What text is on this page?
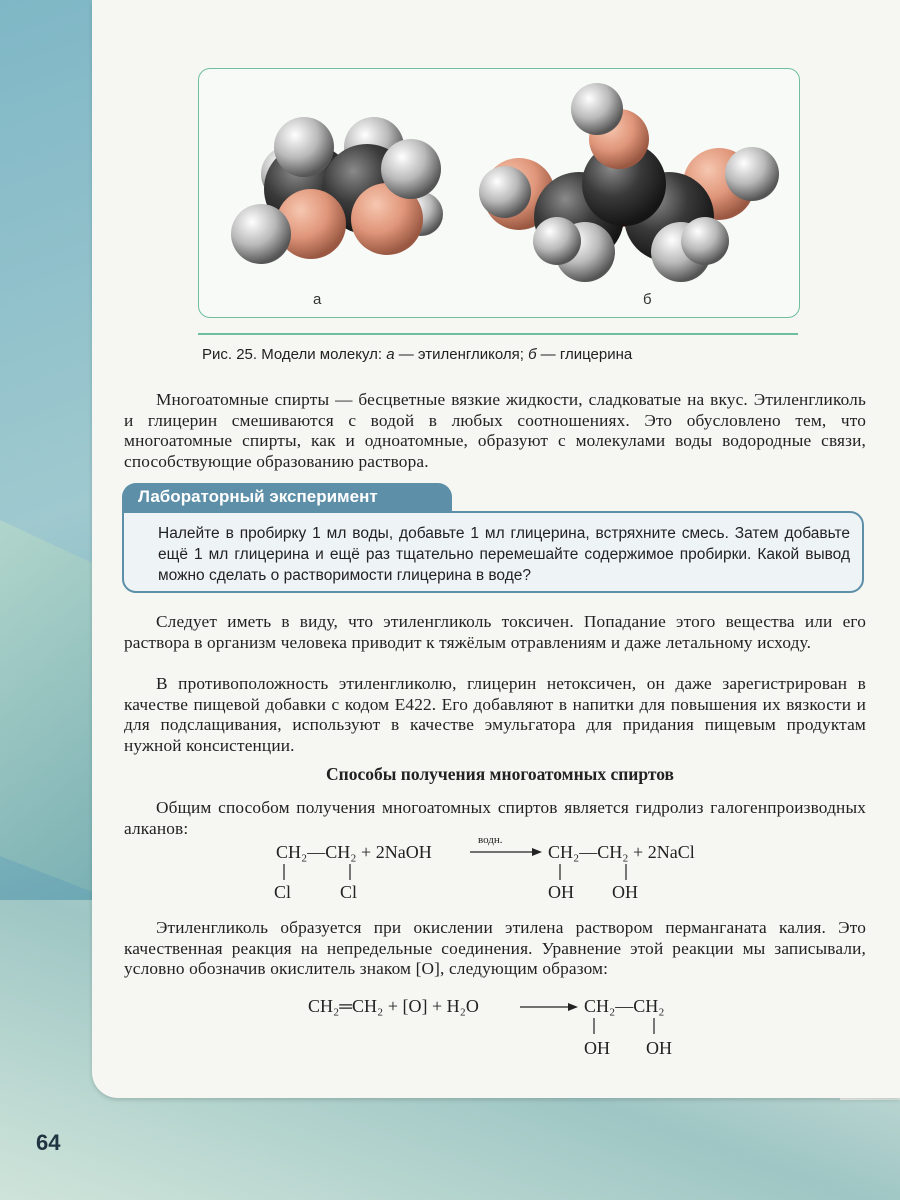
а	б
Рис. 25. Модели молекул: а — этиленгликоля; б — глицерина

Многоатомные спирты — бесцветные вязкие жидкости, сладковатые на вкус. Этиленгликоль и глицерин смешиваются с водой в любых соотношениях. Это обусловлено тем, что многоатомные спирты, как и одноатомные, образуют с молекулами воды водородные связи, способствующие образованию раствора.

Лабораторный эксперимент
Налейте в пробирку 1 мл воды, добавьте 1 мл глицерина, встряхните смесь. Затем добавьте ещё 1 мл глицерина и ещё раз тщательно перемешайте содержимое пробирки. Какой вывод можно сделать о растворимости глицерина в воде?

Следует иметь в виду, что этиленгликоль токсичен. Попадание этого вещества или его раствора в организм человека приводит к тяжёлым отравлениям и даже летальному исходу.

В противоположность этиленгликолю, глицерин нетоксичен, он даже зарегистрирован в качестве пищевой добавки с кодом Е422. Его добавляют в напитки для повышения их вязкости и для подслащивания, используют в качестве эмульгатора для придания пищевым продуктам нужной консистенции.

Способы получения многоатомных спиртов

Общим способом получения многоатомных спиртов является гидролиз галогенпроизводных алканов:

CH₂—CH₂ + 2NaOH
водн.
CH₂—CH₂ + 2NaCl
Cl	Cl	OH OH

Этиленгликоль образуется при окислении этилена раствором перманганата калия. Это качественная реакция на непредельные соединения. Уравнение этой реакции мы записывали, условно обозначив окислитель знаком [O], следующим образом:

CH₂═CH₂ + [O] + H₂O	→ CH₂—CH₂
OH OH
64
